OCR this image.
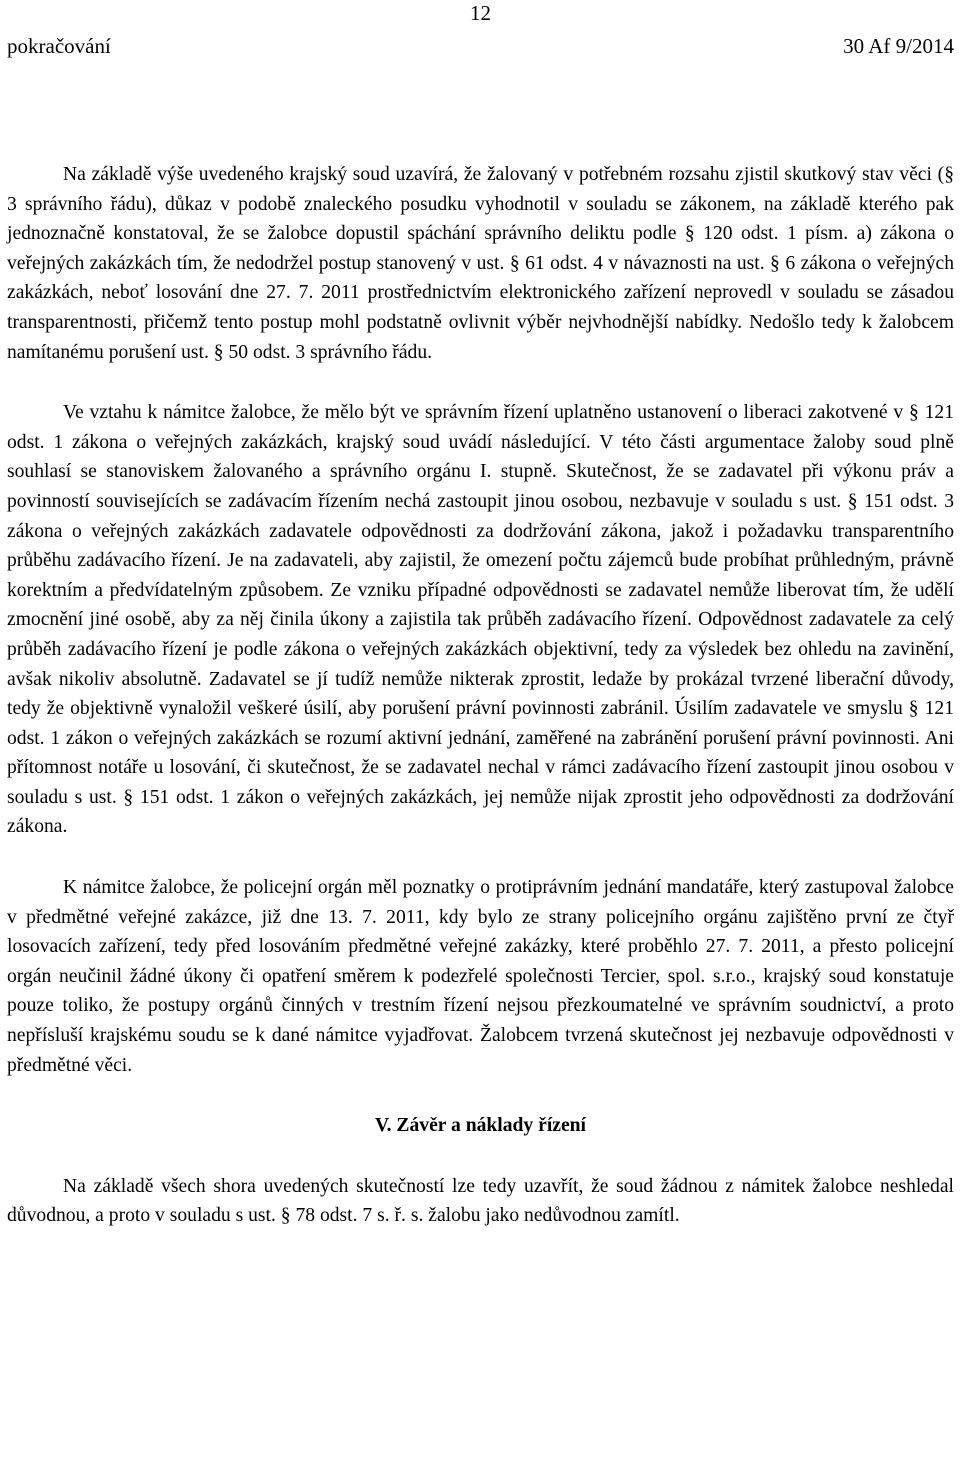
12
pokračování	30 Af 9/2014

Na základě výše uvedeného krajský soud uzavírá, že žalovaný v potřebném rozsahu zjistil skutkový stav věci (§ 3 správního řádu), důkaz v podobě znaleckého posudku vyhodnotil v souladu se zákonem, na základě kterého pak jednoznačně konstatoval, že se žalobce dopustil spáchání správního deliktu podle § 120 odst. 1 písm. a) zákona o veřejných zakázkách tím, že nedodržel postup stanovený v ust. § 61 odst. 4 v návaznosti na ust. § 6 zákona o veřejných zakázkách, neboť losování dne 27. 7. 2011 prostřednictvím elektronického zařízení neprovedl v souladu se zásadou transparentnosti, přičemž tento postup mohl podstatně ovlivnit výběr nejvhodnější nabídky. Nedošlo tedy k žalobcem namítanému porušení ust. § 50 odst. 3 správního řádu.

Ve vztahu k námitce žalobce, že mělo být ve správním řízení uplatněno ustanovení o liberaci zakotvené v § 121 odst. 1 zákona o veřejných zakázkách, krajský soud uvádí následující. V této části argumentace žaloby soud plně souhlasí se stanoviskem žalovaného a správního orgánu I. stupně. Skutečnost, že se zadavatel při výkonu práv a povinností souvisejících se zadávacím řízením nechá zastoupit jinou osobou, nezbavuje v souladu s ust. § 151 odst. 3 zákona o veřejných zakázkách zadavatele odpovědnosti za dodržování zákona, jakož i požadavku transparentního průběhu zadávacího řízení. Je na zadavateli, aby zajistil, že omezení počtu zájemců bude probíhat průhledným, právně korektním a předvídatelným způsobem. Ze vzniku případné odpovědnosti se zadavatel nemůže liberovat tím, že udělí zmocnění jiné osobě, aby za něj činila úkony a zajistila tak průběh zadávacího řízení. Odpovědnost zadavatele za celý průběh zadávacího řízení je podle zákona o veřejných zakázkách objektivní, tedy za výsledek bez ohledu na zavinění, avšak nikoliv absolutně. Zadavatel se jí tudíž nemůže nikterak zprostit, ledaže by prokázal tvrzené liberační důvody, tedy že objektivně vynaložil veškeré úsilí, aby porušení právní povinnosti zabránil. Úsilím zadavatele ve smyslu § 121 odst. 1 zákon o veřejných zakázkách se rozumí aktivní jednání, zaměřené na zabránění porušení právní povinnosti. Ani přítomnost notáře u losování, či skutečnost, že se zadavatel nechal v rámci zadávacího řízení zastoupit jinou osobou v souladu s ust. § 151 odst. 1 zákon o veřejných zakázkách, jej nemůže nijak zprostit jeho odpovědnosti za dodržování zákona.

K námitce žalobce, že policejní orgán měl poznatky o protiprávním jednání mandatáře, který zastupoval žalobce v předmětné veřejné zakázce, již dne 13. 7. 2011, kdy bylo ze strany policejního orgánu zajištěno první ze čtyř losovacích zařízení, tedy před losováním předmětné veřejné zakázky, které proběhlo 27. 7. 2011, a přesto policejní orgán neučinil žádné úkony či opatření směrem k podezřelé společnosti Tercier, spol. s.r.o., krajský soud konstatuje pouze toliko, že postupy orgánů činných v trestním řízení nejsou přezkoumatelné ve správním soudnictví, a proto nepřísluší krajskému soudu se k dané námitce vyjadřovat. Žalobcem tvrzená skutečnost jej nezbavuje odpovědnosti v předmětné věci.

V. Závěr a náklady řízení

Na základě všech shora uvedených skutečností lze tedy uzavřít, že soud žádnou z námitek žalobce neshledal důvodnou, a proto v souladu s ust. § 78 odst. 7 s. ř. s. žalobu jako nedůvodnou zamítl.
